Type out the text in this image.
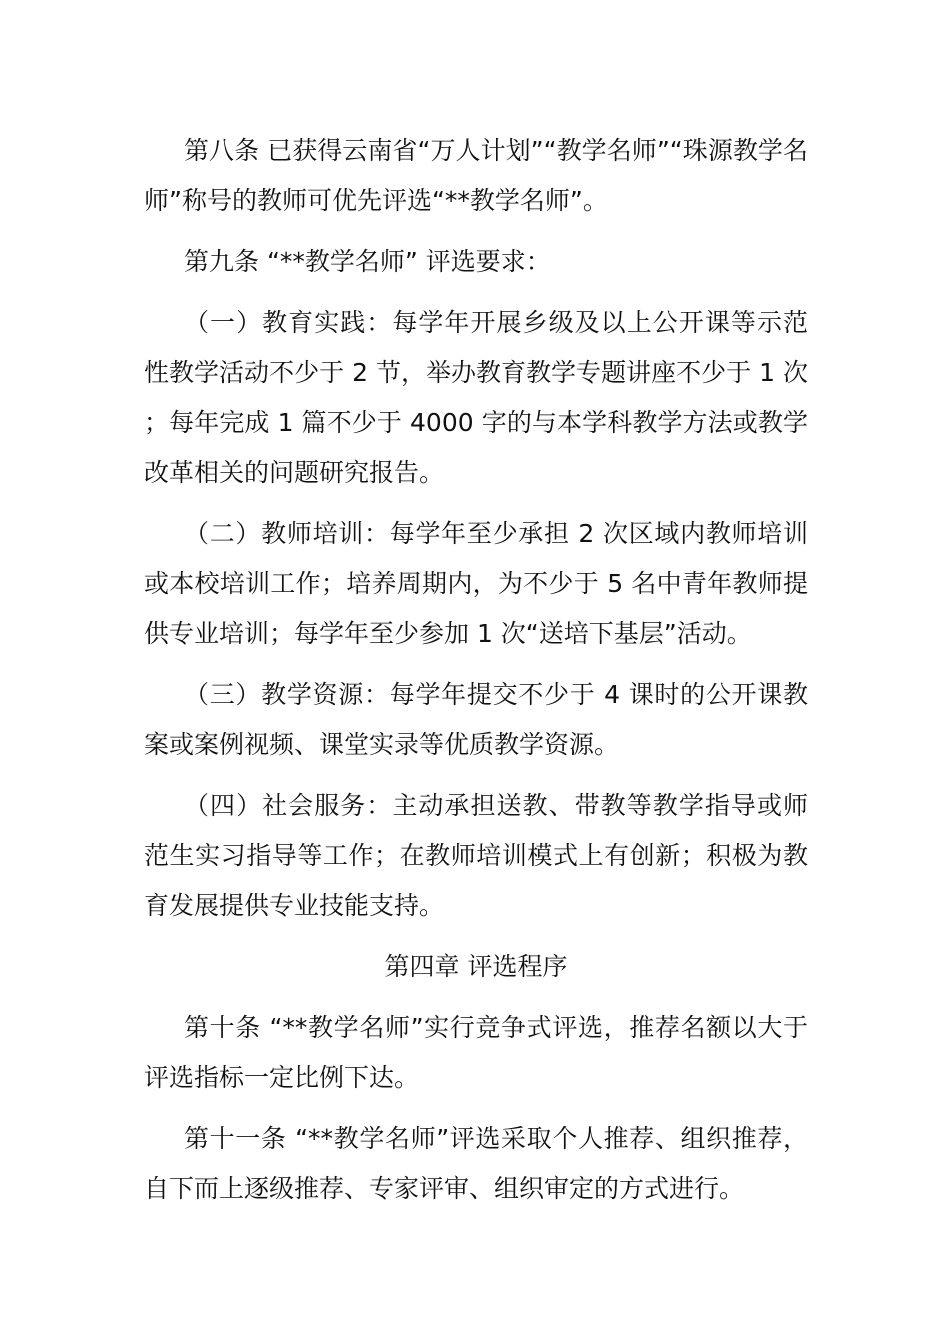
第八条 已获得云南省“万人计划”“教学名师”“珠源教学名师”称号的教师可优先评选“**教学名师”。

第九条 “**教学名师” 评选要求：

（一）教育实践：每学年开展乡级及以上公开课等示范性教学活动不少于 2 节，举办教育教学专题讲座不少于 1 次；每年完成 1 篇不少于 4000 字的与本学科教学方法或教学改革相关的问题研究报告。

（二）教师培训：每学年至少承担 2 次区域内教师培训或本校培训工作；培养周期内，为不少于 5 名中青年教师提供专业培训；每学年至少参加 1 次“送培下基层”活动。

（三）教学资源：每学年提交不少于 4 课时的公开课教案或案例视频、课堂实录等优质教学资源。

（四）社会服务：主动承担送教、带教等教学指导或师范生实习指导等工作；在教师培训模式上有创新；积极为教育发展提供专业技能支持。

第四章 评选程序

第十条 “**教学名师”实行竞争式评选，推荐名额以大于评选指标一定比例下达。

第十一条 “**教学名师”评选采取个人推荐、组织推荐，自下而上逐级推荐、专家评审、组织审定的方式进行。
